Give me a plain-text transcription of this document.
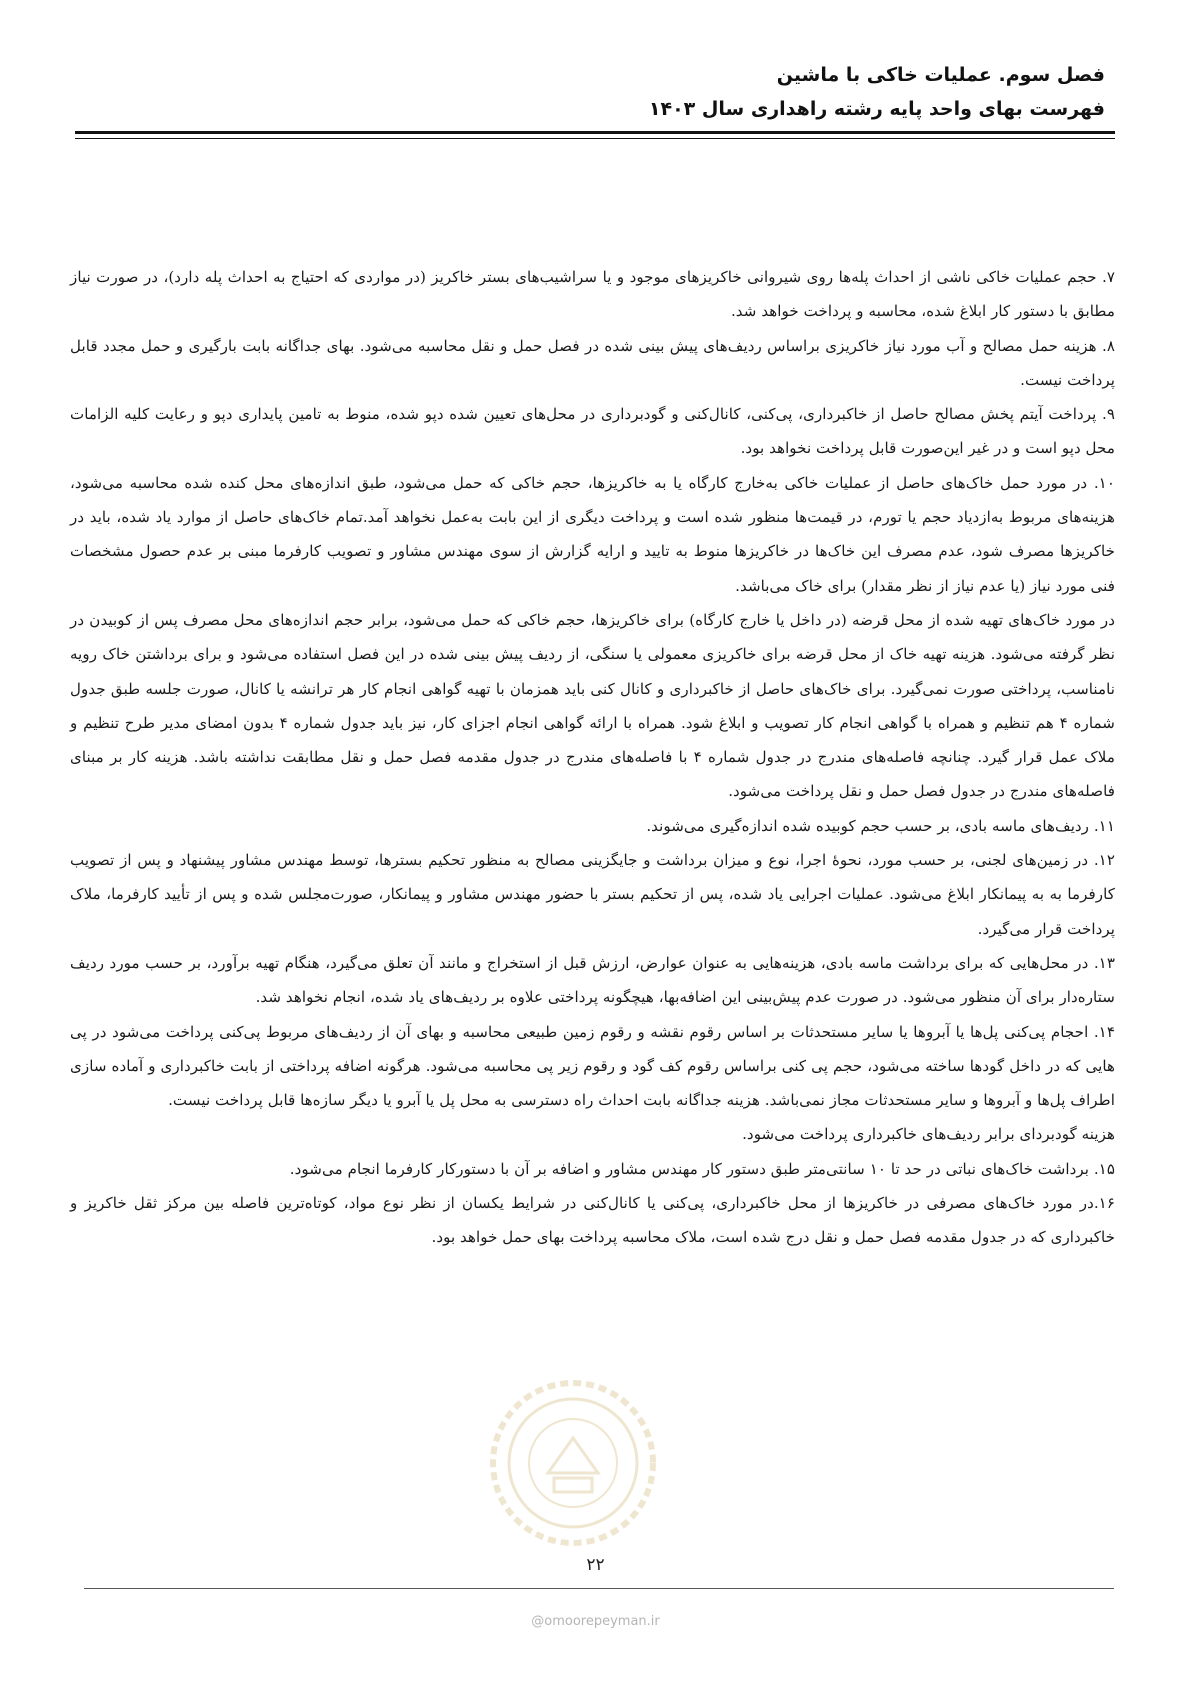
فصل سوم. عملیات خاکی با ماشین
فهرست بهای واحد پایه رشته راهداری سال ۱۴۰۳

۷. حجم عملیات خاکی ناشی از احداث پله‌ها روی شیروانی خاکریزهای موجود و یا سراشیب‌های بستر خاکریز (در مواردی که احتیاج به احداث پله دارد)، در صورت نیاز مطابق با دستور کار ابلاغ شده، محاسبه و پرداخت خواهد شد.

۸. هزینه حمل مصالح و آب مورد نیاز خاکریزی براساس ردیف‌های پیش بینی شده در فصل حمل و نقل محاسبه می‌شود. بهای جداگانه بابت بارگیری و حمل مجدد قابل پرداخت نیست.

۹. پرداخت آیتم پخش مصالح حاصل از خاکبرداری، پی‌کنی، کانال‌کنی و گودبرداری در محل‌های تعیین شده دپو شده، منوط به تامین پایداری دپو و رعایت کلیه الزامات محل دپو است و در غیر این‌صورت قابل پرداخت نخواهد بود.

۱۰. در مورد حمل خاک‌های حاصل از عملیات خاکی به‌خارج کارگاه یا به خاکریزها، حجم خاکی که حمل می‌شود، طبق اندازه‌های محل کنده شده محاسبه می‌شود، هزینه‌های مربوط به‌ازدیاد حجم یا تورم، در قیمت‌ها منظور شده است و پرداخت دیگری از این بابت به‌عمل نخواهد آمد.تمام خاک‌های حاصل از موارد یاد شده، باید در خاکریزها مصرف شود، عدم مصرف این خاک‌ها در خاکریزها منوط به تایید و ارایه گزارش از سوی مهندس مشاور و تصویب کارفرما مبنی بر عدم حصول مشخصات فنی مورد نیاز (یا عدم نیاز از نظر مقدار) برای خاک می‌باشد.

در مورد خاک‌های تهیه شده از محل قرضه (در داخل یا خارج کارگاه) برای خاکریزها، حجم خاکی که حمل می‌شود، برابر حجم اندازه‌های محل مصرف پس از کوبیدن در نظر گرفته می‌شود. هزینه تهیه خاک از محل قرضه برای خاکریزی معمولی یا سنگی، از ردیف پیش بینی شده در این فصل استفاده می‌شود و برای برداشتن خاک رویه نامناسب، پرداختی صورت نمی‌گیرد. برای خاک‌های حاصل از خاکبرداری و کانال کنی باید همزمان با تهیه گواهی انجام کار هر ترانشه یا کانال، صورت جلسه طبق جدول شماره ۴ هم تنظیم و همراه با گواهی انجام کار تصویب و ابلاغ شود. همراه با ارائه گواهی انجام اجزای کار، نیز باید جدول شماره ۴ بدون امضای مدیر طرح تنظیم و ملاک عمل قرار گیرد. چنانچه فاصله‌های مندرج در جدول شماره ۴ با فاصله‌های مندرج در جدول مقدمه فصل حمل و نقل مطابقت نداشته باشد. هزینه کار بر مبنای فاصله‌های مندرج در جدول فصل حمل و نقل پرداخت می‌شود.

۱۱. ردیف‌های ماسه بادی، بر حسب حجم کوبیده شده اندازه‌گیری می‌شوند.

۱۲. در زمین‌های لجنی، بر حسب مورد، نحوهٔ اجرا، نوع و میزان برداشت و جایگزینی مصالح به منظور تحکیم بسترها، توسط مهندس مشاور پیشنهاد و پس از تصویب کارفرما به به پیمانکار ابلاغ می‌شود. عملیات اجرایی یاد شده، پس از تحکیم بستر با حضور مهندس مشاور و پیمانکار، صورت‌مجلس شده و پس از تأیید کارفرما، ملاک پرداخت قرار می‌گیرد.

۱۳. در محل‌هایی که برای برداشت ماسه بادی، هزینه‌هایی به عنوان عوارض، ارزش قبل از استخراج و مانند آن تعلق می‌گیرد، هنگام تهیه برآورد، بر حسب مورد ردیف ستاره‌دار برای آن منظور می‌شود. در صورت عدم پیش‌بینی این اضافه‌بها، هیچگونه پرداختی علاوه بر ردیف‌های یاد شده، انجام نخواهد شد.

۱۴. احجام پی‌کنی پل‌ها یا آبروها یا سایر مستحدثات بر اساس رقوم نقشه و رقوم زمین طبیعی محاسبه و بهای آن از ردیف‌های مربوط پی‌کنی پرداخت می‌شود در پی هایی که در داخل گودها ساخته می‌شود، حجم پی کنی براساس رقوم کف گود و رقوم زیر پی محاسبه می‌شود. هرگونه اضافه پرداختی از بابت خاکبرداری و آماده سازی اطراف پل‌ها و آبروها و سایر مستحدثات مجاز نمی‌باشد. هزینه جداگانه بابت احداث راه دسترسی به محل پل یا آبرو یا دیگر سازه‌ها قابل پرداخت نیست.

هزینه گودبردای برابر ردیف‌های خاکبرداری پرداخت می‌شود.

۱۵. برداشت خاک‌های نباتی در حد تا ۱۰ سانتی‌متر طبق دستور کار مهندس مشاور و اضافه بر آن با دستورکار کارفرما انجام می‌شود.

۱۶.در مورد خاک‌های مصرفی در خاکریزها از محل خاکبرداری، پی‌کنی یا کانال‌کنی در شرایط یکسان از نظر نوع مواد، کوتاه‌ترین فاصله بین مرکز ثقل خاکریز و خاکبرداری که در جدول مقدمه فصل حمل و نقل درج شده است، ملاک محاسبه پرداخت بهای حمل خواهد بود.

۲۲
@omoorepeyman.ir
